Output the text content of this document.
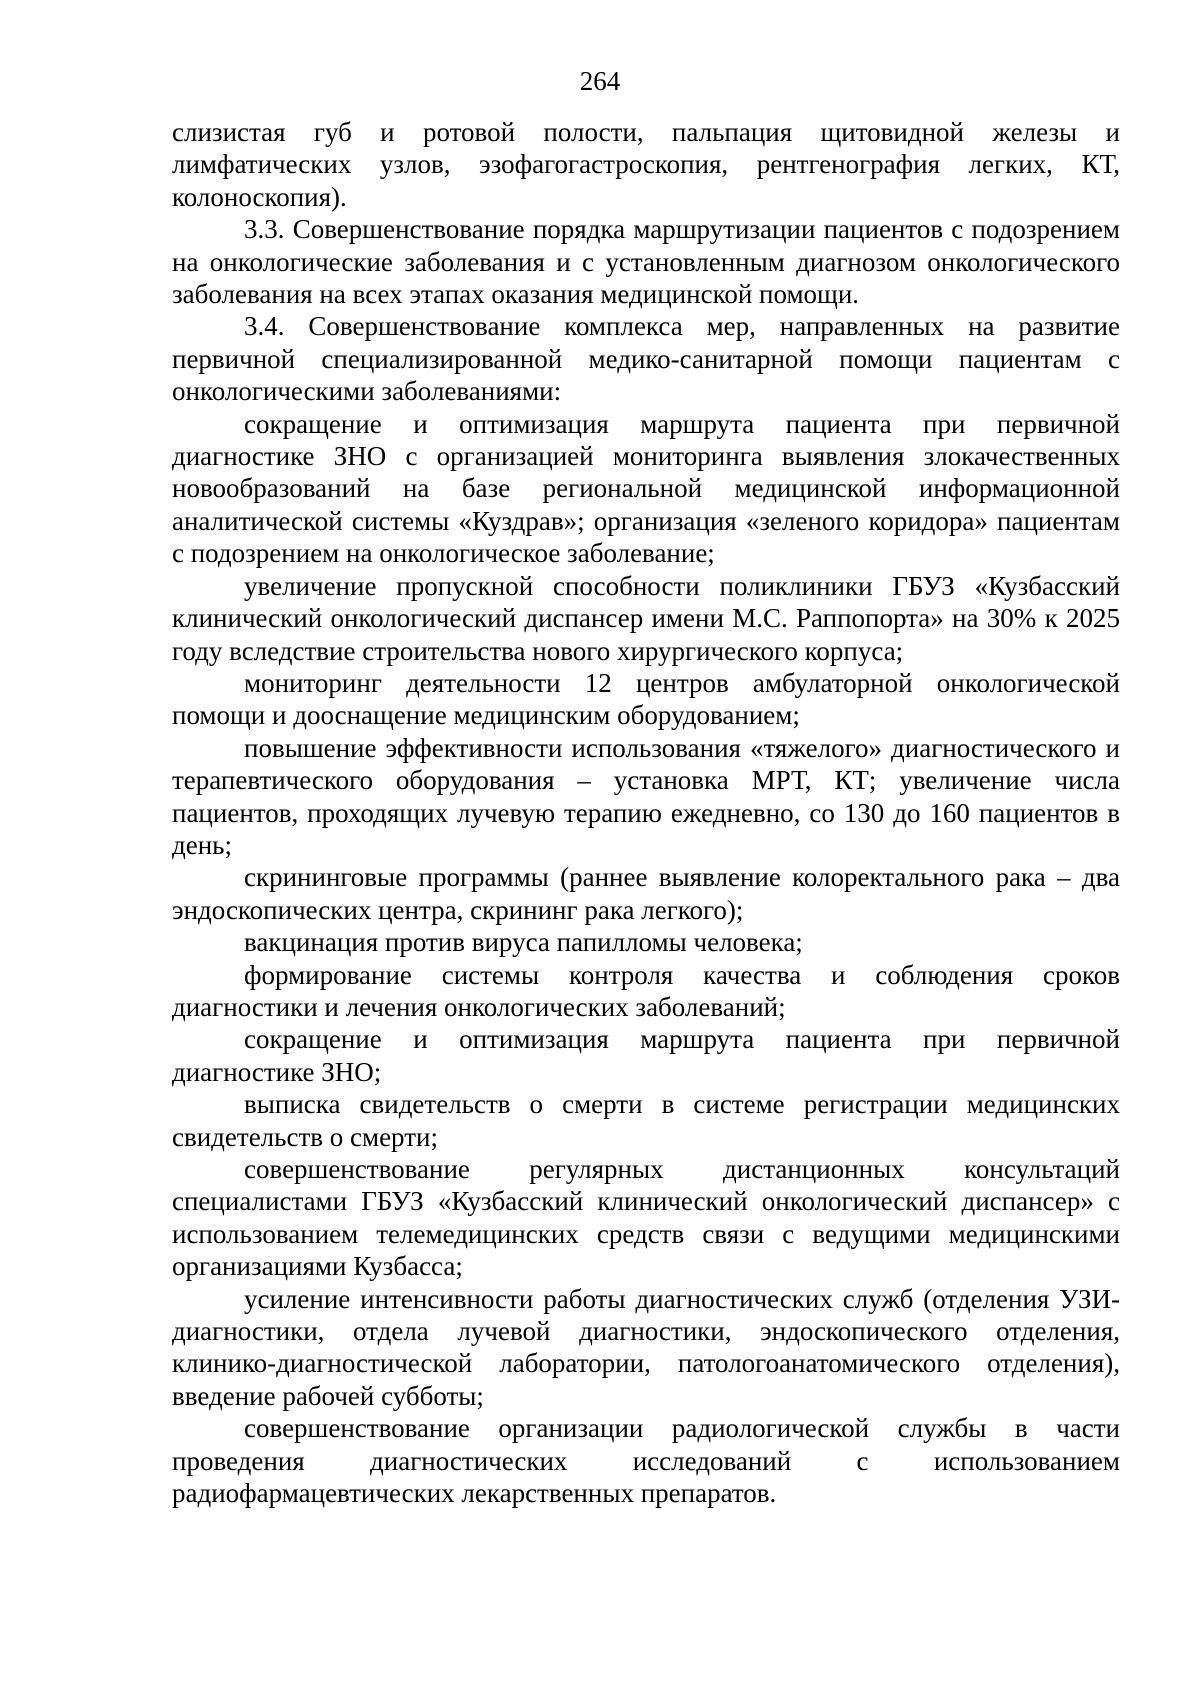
264

слизистая губ и ротовой полости, пальпация щитовидной железы и лимфатических узлов, эзофагогастроскопия, рентгенография легких, КТ, колоноскопия).

3.3. Совершенствование порядка маршрутизации пациентов с подозрением на онкологические заболевания и с установленным диагнозом онкологического заболевания на всех этапах оказания медицинской помощи.

3.4. Совершенствование комплекса мер, направленных на развитие первичной специализированной медико-санитарной помощи пациентам с онкологическими заболеваниями:

сокращение и оптимизация маршрута пациента при первичной диагностике ЗНО с организацией мониторинга выявления злокачественных новообразований на базе региональной медицинской информационной аналитической системы «Куздрав»; организация «зеленого коридора» пациентам с подозрением на онкологическое заболевание;

увеличение пропускной способности поликлиники ГБУЗ «Кузбасский клинический онкологический диспансер имени М.С. Раппопорта» на 30% к 2025 году вследствие строительства нового хирургического корпуса;

мониторинг деятельности 12 центров амбулаторной онкологической помощи и дооснащение медицинским оборудованием;

повышение эффективности использования «тяжелого» диагностического и терапевтического оборудования – установка МРТ, КТ; увеличение числа пациентов, проходящих лучевую терапию ежедневно, со 130 до 160 пациентов в день;

скрининговые программы (раннее выявление колоректального рака – два эндоскопических центра, скрининг рака легкого);

вакцинация против вируса папилломы человека;

формирование системы контроля качества и соблюдения сроков диагностики и лечения онкологических заболеваний;

сокращение и оптимизация маршрута пациента при первичной диагностике ЗНО;

выписка свидетельств о смерти в системе регистрации медицинских свидетельств о смерти;

совершенствование регулярных дистанционных консультаций специалистами ГБУЗ «Кузбасский клинический онкологический диспансер» с использованием телемедицинских средств связи с ведущими медицинскими организациями Кузбасса;

усиление интенсивности работы диагностических служб (отделения УЗИ-диагностики, отдела лучевой диагностики, эндоскопического отделения, клинико-диагностической лаборатории, патологоанатомического отделения), введение рабочей субботы;

совершенствование организации радиологической службы в части проведения диагностических исследований с использованием радиофармацевтических лекарственных препаратов.
